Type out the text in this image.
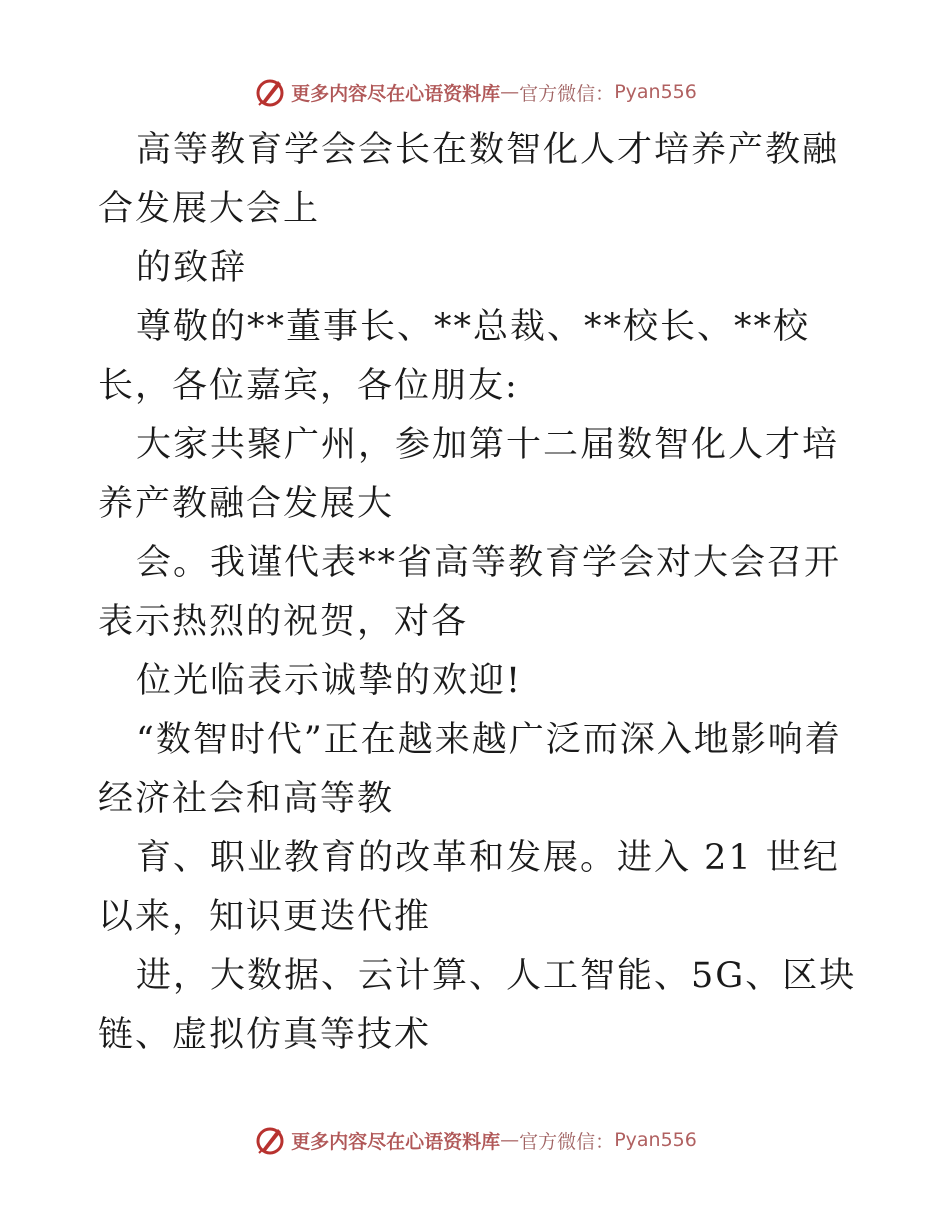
更多内容尽在心语资料库 — 官方微信： Pyan556

高等教育学会会长在数智化人才培养产教融合发展大会上

的致辞

尊敬的**董事长、**总裁、**校长、**校长，各位嘉宾，各位朋友:

大家共聚广州，参加第十二届数智化人才培养产教融合发展大

会。我谨代表**省高等教育学会对大会召开表示热烈的祝贺，对各

位光临表示诚挚的欢迎!

“数智时代”正在越来越广泛而深入地影响着经济社会和高等教

育、职业教育的改革和发展。进入 21 世纪以来，知识更迭代推

进，大数据、云计算、人工智能、5G、区块链、虚拟仿真等技术

更多内容尽在心语资料库 — 官方微信： Pyan556
